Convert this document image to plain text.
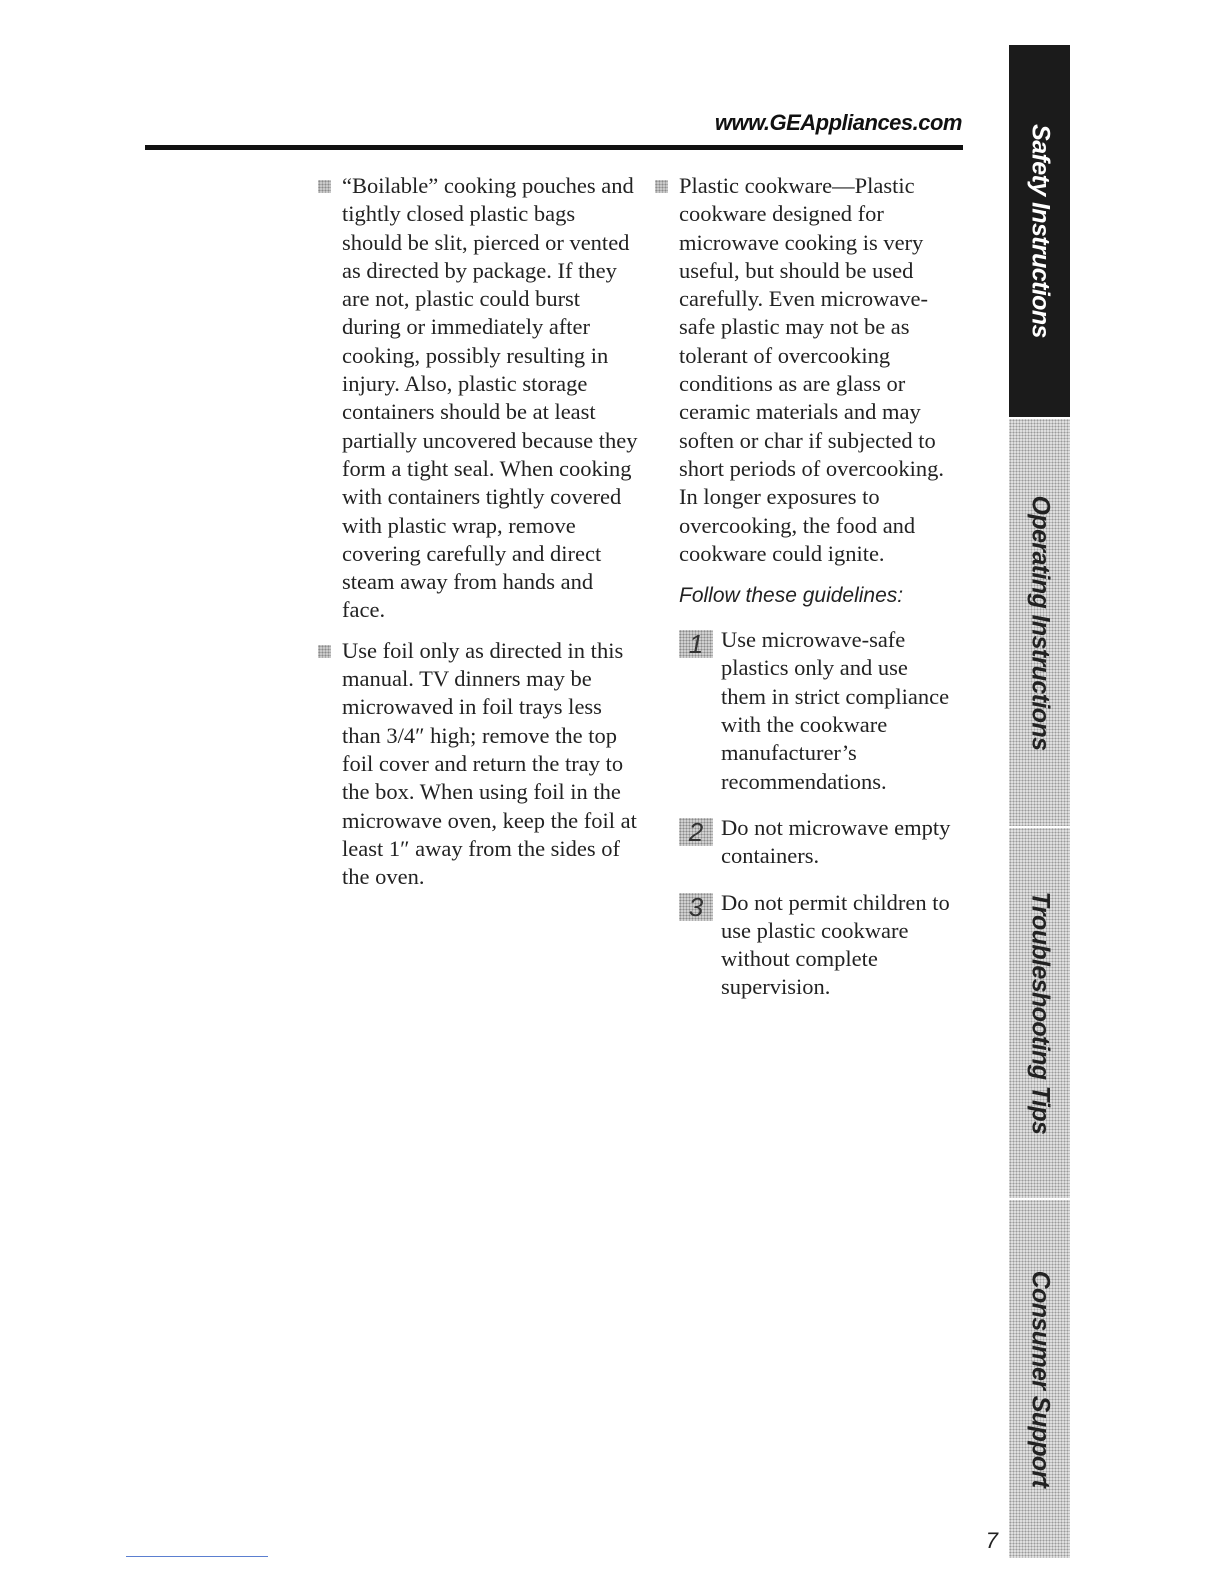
www.GEAppliances.com
“Boilable” cooking pouches and tightly closed plastic bags should be slit, pierced or vented as directed by package. If they are not, plastic could burst during or immediately after cooking, possibly resulting in injury. Also, plastic storage containers should be at least partially uncovered because they form a tight seal. When cooking with containers tightly covered with plastic wrap, remove covering carefully and direct steam away from hands and face.
Use foil only as directed in this manual. TV dinners may be microwaved in foil trays less than 3/4″ high; remove the top foil cover and return the tray to the box. When using foil in the microwave oven, keep the foil at least 1″ away from the sides of the oven.
Plastic cookware—Plastic cookware designed for microwave cooking is very useful, but should be used carefully. Even microwave-safe plastic may not be as tolerant of overcooking conditions as are glass or ceramic materials and may soften or char if subjected to short periods of overcooking. In longer exposures to overcooking, the food and cookware could ignite.
Follow these guidelines:
1 Use microwave-safe plastics only and use them in strict compliance with the cookware manufacturer’s recommendations.
2 Do not microwave empty containers.
3 Do not permit children to use plastic cookware without complete supervision.
Safety Instructions
Operating Instructions
Troubleshooting Tips
Consumer Support
7
